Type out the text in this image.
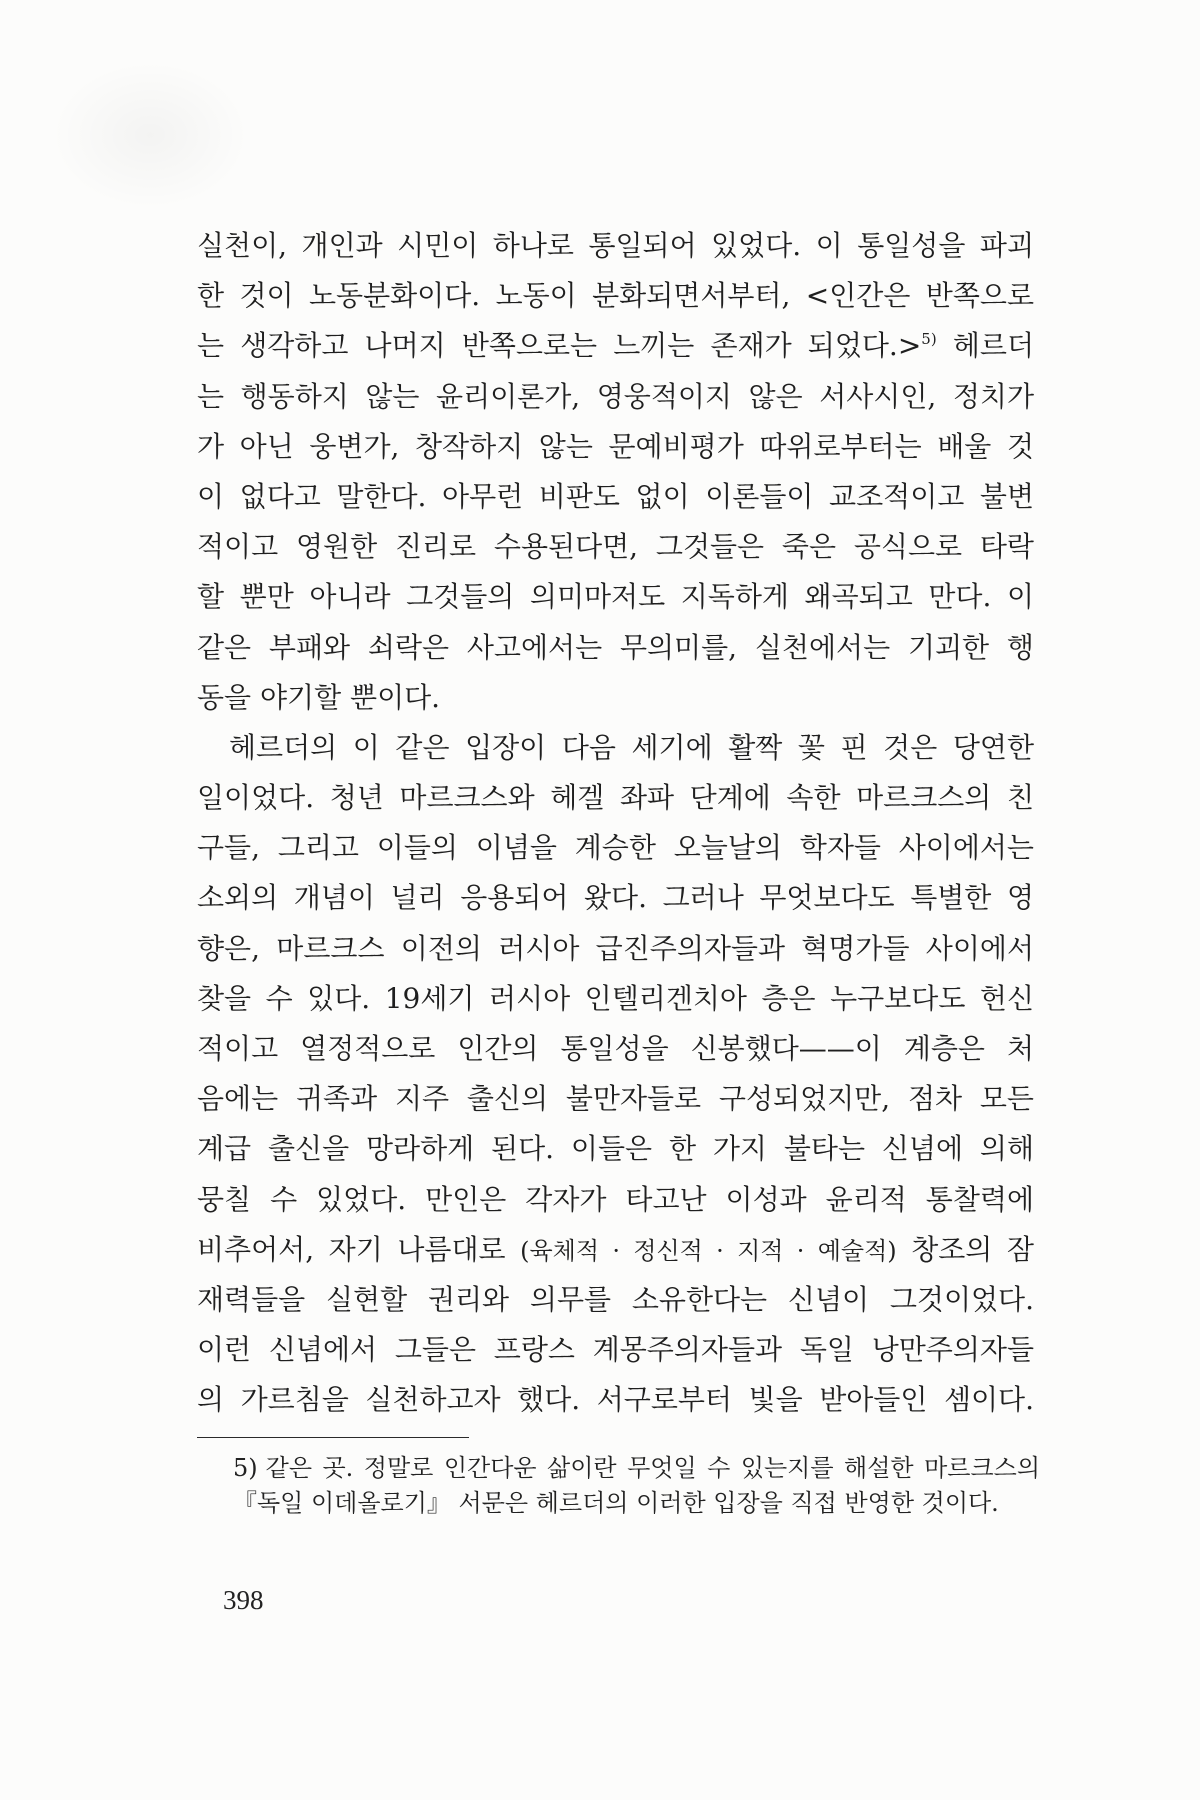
실천이, 개인과 시민이 하나로 통일되어 있었다. 이 통일성을 파괴
한 것이 노동분화이다. 노동이 분화되면서부터, <인간은 반쪽으로
는 생각하고 나머지 반쪽으로는 느끼는 존재가 되었다.>$^{5)}$ 헤르더
는 행동하지 않는 윤리이론가, 영웅적이지 않은 서사시인, 정치가
가 아닌 웅변가, 창작하지 않는 문예비평가 따위로부터는 배울 것
이 없다고 말한다. 아무런 비판도 없이 이론들이 교조적이고 불변
적이고 영원한 진리로 수용된다면, 그것들은 죽은 공식으로 타락
할 뿐만 아니라 그것들의 의미마저도 지독하게 왜곡되고 만다. 이
같은 부패와 쇠락은 사고에서는 무의미를, 실천에서는 기괴한 행
동을 야기할 뿐이다.
헤르더의 이 같은 입장이 다음 세기에 활짝 꽃 핀 것은 당연한
일이었다. 청년 마르크스와 헤겔 좌파 단계에 속한 마르크스의 친
구들, 그리고 이들의 이념을 계승한 오늘날의 학자들 사이에서는
소외의 개념이 널리 응용되어 왔다. 그러나 무엇보다도 특별한 영
향은, 마르크스 이전의 러시아 급진주의자들과 혁명가들 사이에서
찾을 수 있다. 19세기 러시아 인텔리겐치아 층은 누구보다도 헌신
적이고 열정적으로 인간의 통일성을 신봉했다——이 계층은 처
음에는 귀족과 지주 출신의 불만자들로 구성되었지만, 점차 모든
계급 출신을 망라하게 된다. 이들은 한 가지 불타는 신념에 의해
뭉칠 수 있었다. 만인은 각자가 타고난 이성과 윤리적 통찰력에
비추어서, 자기 나름대로 (육체적 · 정신적 · 지적 · 예술적) 창조의 잠
재력들을 실현할 권리와 의무를 소유한다는 신념이 그것이었다.
이런 신념에서 그들은 프랑스 계몽주의자들과 독일 낭만주의자들
의 가르침을 실천하고자 했다. 서구로부터 빛을 받아들인 셈이다.
5) 같은 곳. 정말로 인간다운 삶이란 무엇일 수 있는지를 해설한 마르크스의
『독일 이데올로기』 서문은 헤르더의 이러한 입장을 직접 반영한 것이다.
398
